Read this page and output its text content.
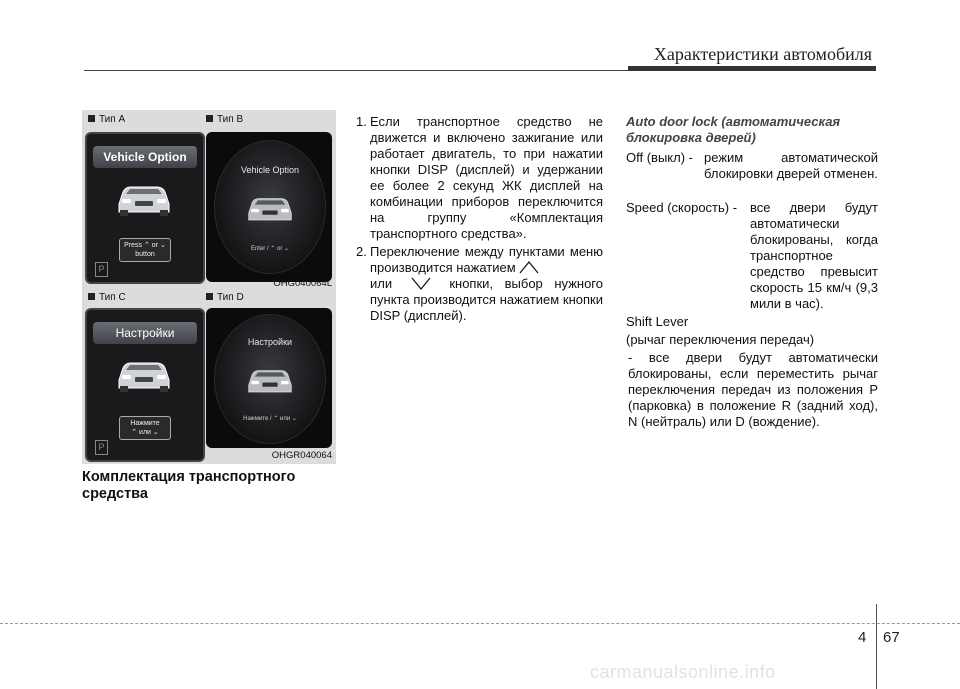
Характеристики автомобиля
Тип A	Тип B
Тип C	Тип D
Vehicle Option
Press ⌃ or ⌄
button
P
Vehicle Option
Enter / ⌃ or ⌄
OHG040064L
Настройки
Нажмите
⌃ или ⌄
P
Настройки
Нажмите / ⌃ или ⌄
OHGR040064
Комплектация транспортного средства
1. Если транспортное средство не движется и включено зажигание или работает двигатель, то при нажатии кнопки DISP (дисплей) и удержании ее более 2 секунд ЖК дисплей на комбинации приборов переключится на группу «Комплектация транспортного средства».
2. Переключение между пунктами меню производится нажатием
или	кнопки, выбор нужного пункта производится нажатием кнопки DISP (дисплей).
Auto door lock (автоматическая блокировка дверей)
Off (выкл) - режим автоматической блокировки дверей отменен.
Speed (скорость) - все двери будут автоматически блокированы, когда транспортное средство превысит скорость 15 км/ч (9,3 мили в час).
Shift Lever
(рычаг переключения передач)
- все двери будут автоматически блокированы, если переместить рычаг переключения передач из положения P (парковка) в положение R (задний ход), N (нейтраль) или D (вождение).
4 67
carmanualsonline.info
